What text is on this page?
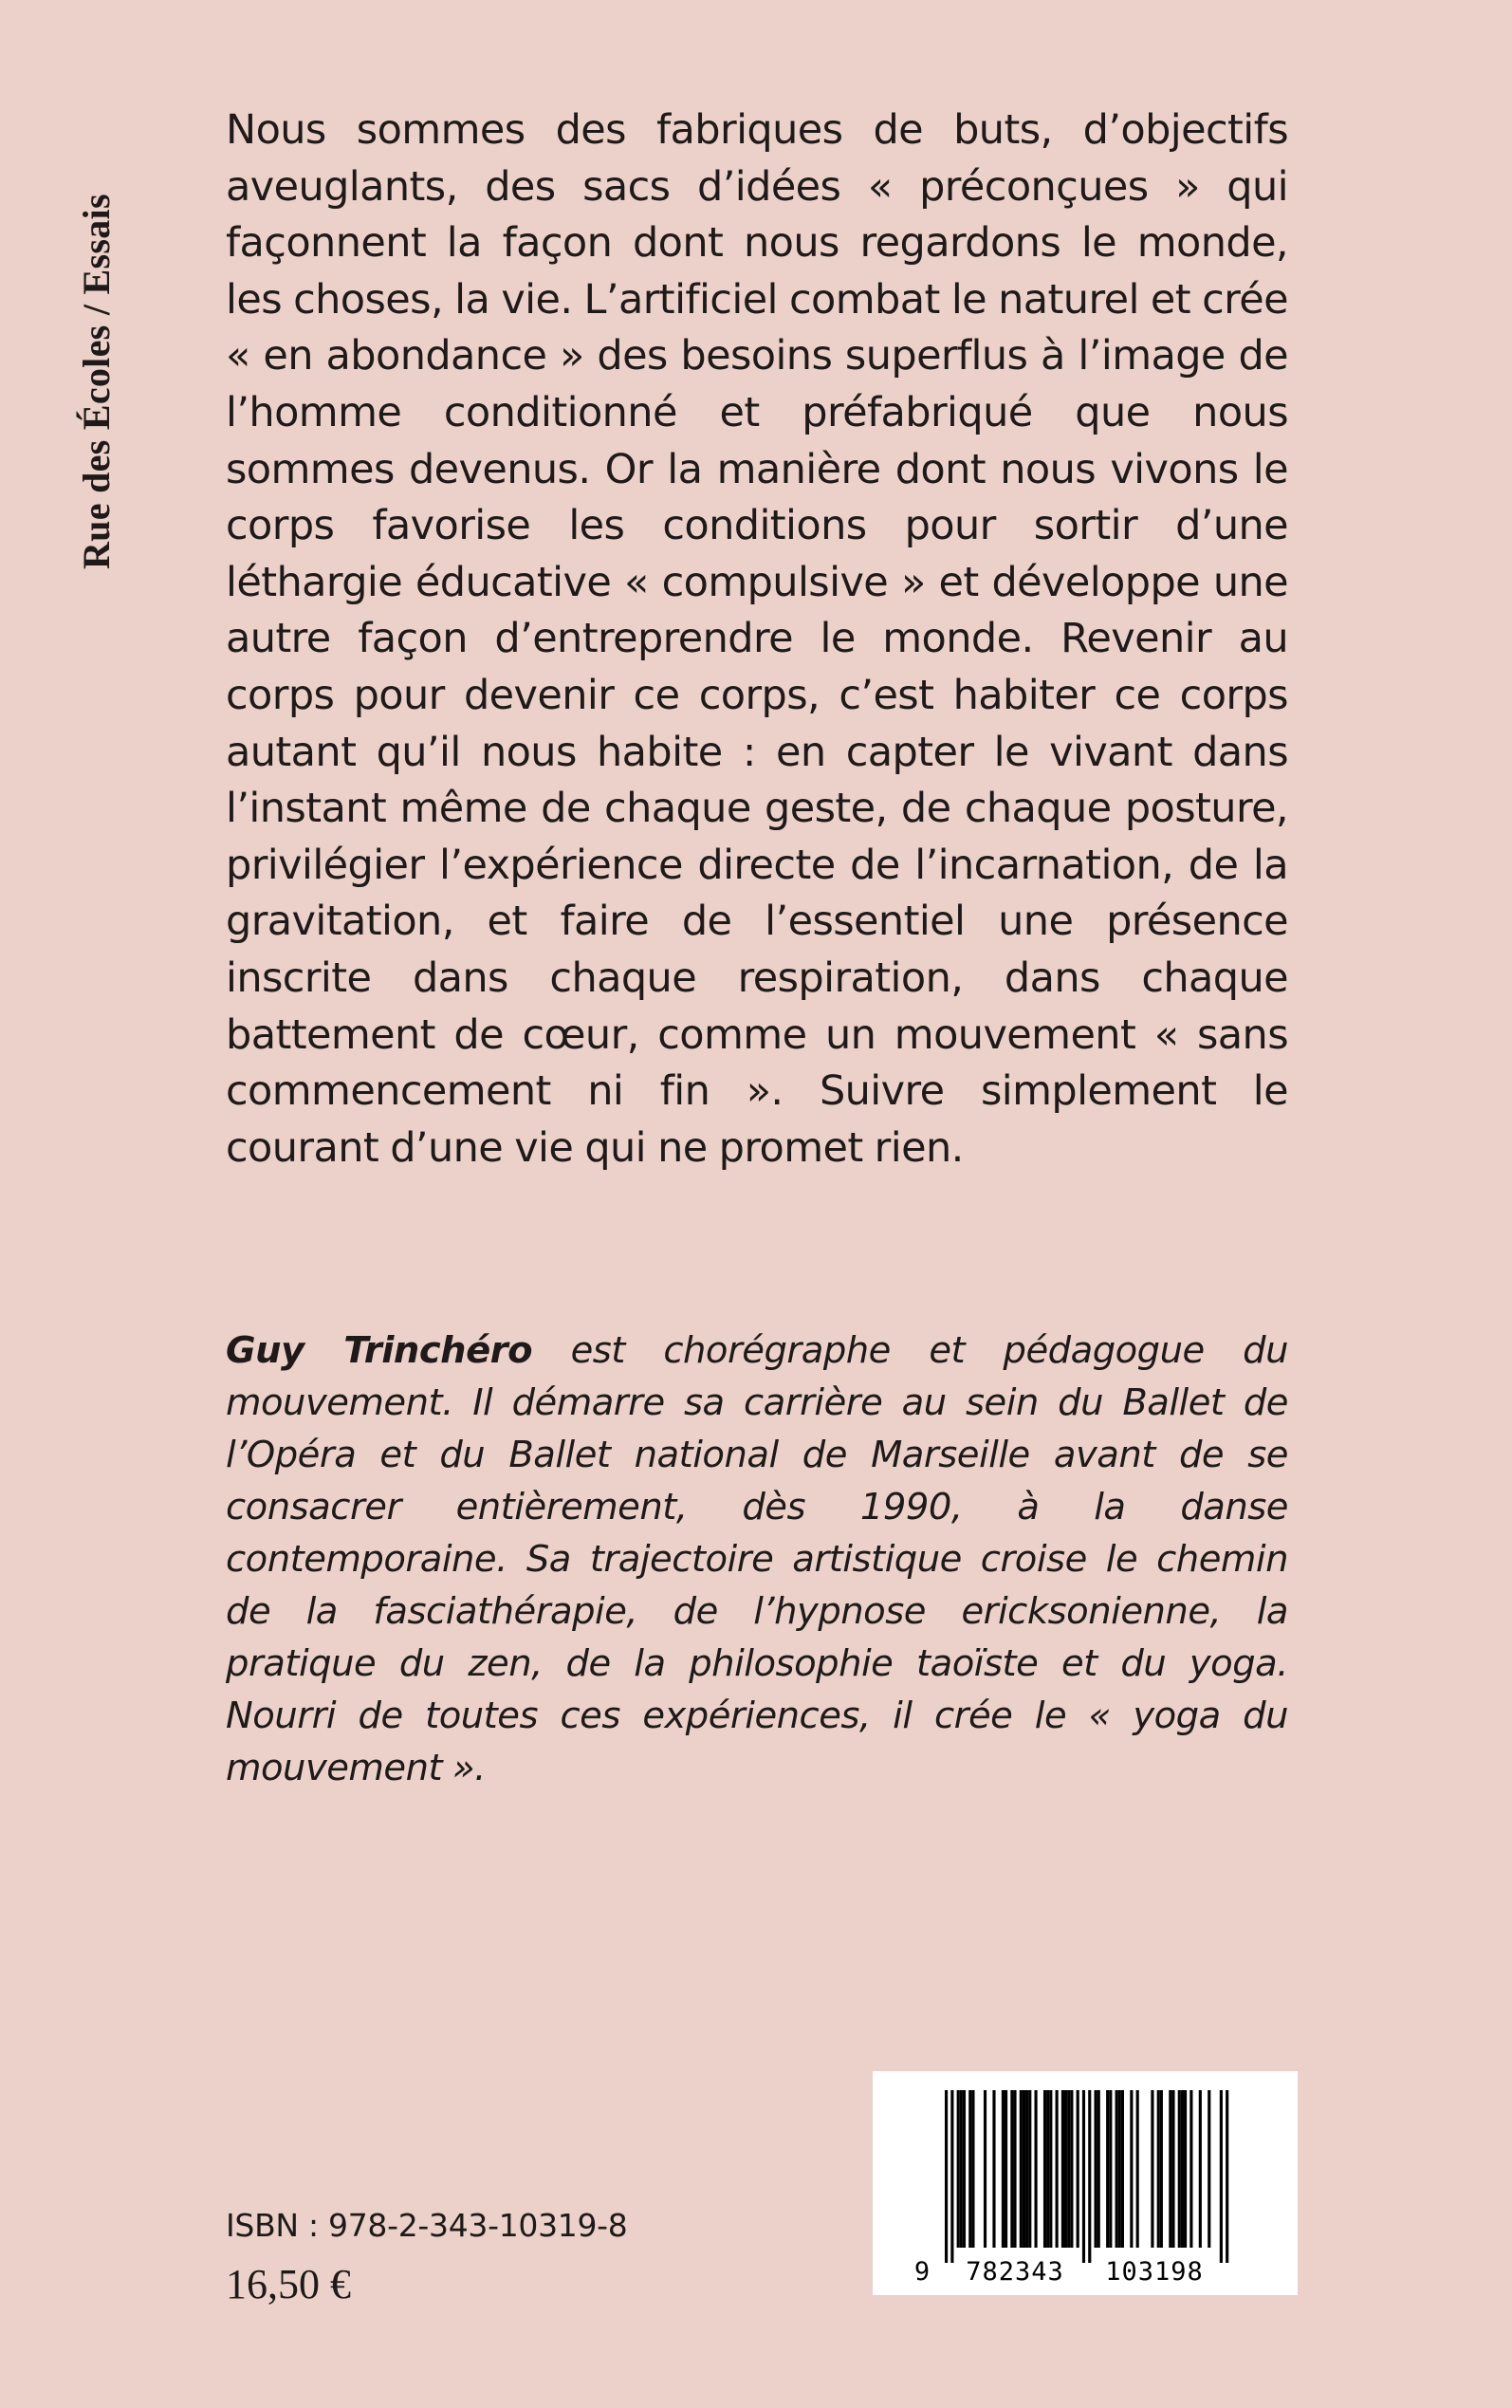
Rue des Écoles / Essais

Nous sommes des fabriques de buts, d’objectifs aveuglants, des sacs d’idées « préconçues » qui façonnent la façon dont nous regardons le monde, les choses, la vie. L’artificiel combat le naturel et crée « en abondance » des besoins superflus à l’image de l’homme conditionné et préfabriqué que nous sommes devenus. Or la manière dont nous vivons le corps favorise les conditions pour sortir d’une léthargie éducative « compulsive » et développe une autre façon d’entreprendre le monde. Revenir au corps pour devenir ce corps, c’est habiter ce corps autant qu’il nous habite : en capter le vivant dans l’instant même de chaque geste, de chaque posture, privilégier l’expérience directe de l’incarnation, de la gravitation, et faire de l’essentiel une présence inscrite dans chaque respiration, dans chaque battement de cœur, comme un mouvement « sans commencement ni fin ». Suivre simplement le courant d’une vie qui ne promet rien.

Guy Trinchéro est chorégraphe et pédagogue du mouvement. Il démarre sa carrière au sein du Ballet de l’Opéra et du Ballet national de Marseille avant de se consacrer entièrement, dès 1990, à la danse contemporaine. Sa trajectoire artistique croise le chemin de la fasciathérapie, de l’hypnose ericksonienne, la pratique du zen, de la philosophie taoïste et du yoga. Nourri de toutes ces expériences, il crée le « yoga du mouvement ».

ISBN : 978-2-343-10319-8
16,50 €	9 782343 103198
